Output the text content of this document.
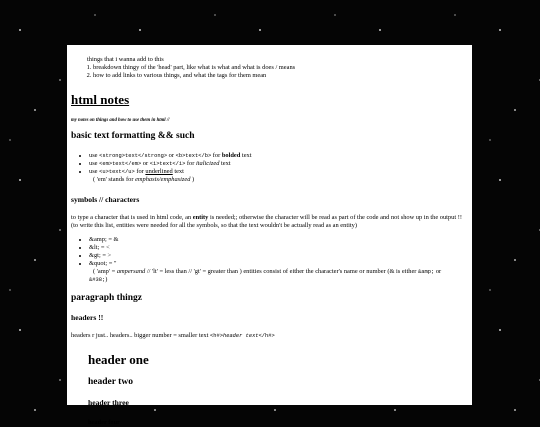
things that i wanna add to this
1. breakdown thingy of the 'head' part, like what is what and what is does / means
2. how to add links to various things, and what the tags for them mean
html notes
my notes on things and how to use them in html //
basic text formatting && such
• use <strong>text</strong> or <b>text</b> for bolded text
• use <em>text</em> or <i>text</i> for italicized text
• use <u>text</u> for underlined text
( 'em' stands for emphasis/emphasized )
symbols // characters

to type a character that is used in html code, an entity is needed;; otherwise the character will be read as part of the code and not show up in the output !! (to write this list, entities were needed for all the symbols, so that the text wouldn't be actually read as an entity)

• &amp; = &
• &lt; = <
• &gt; = >
• &quot; = "
( 'amp' = ampersand // 'lt' = less than // 'gt' = greater than ) entities consist of either the character's name or number (& is either &amp; or
&#38;)
paragraph thingz
headers !!

headers r just.. headers.. bigger number = smaller text <h#>header text</h#>

header one
header two
header three
header four
